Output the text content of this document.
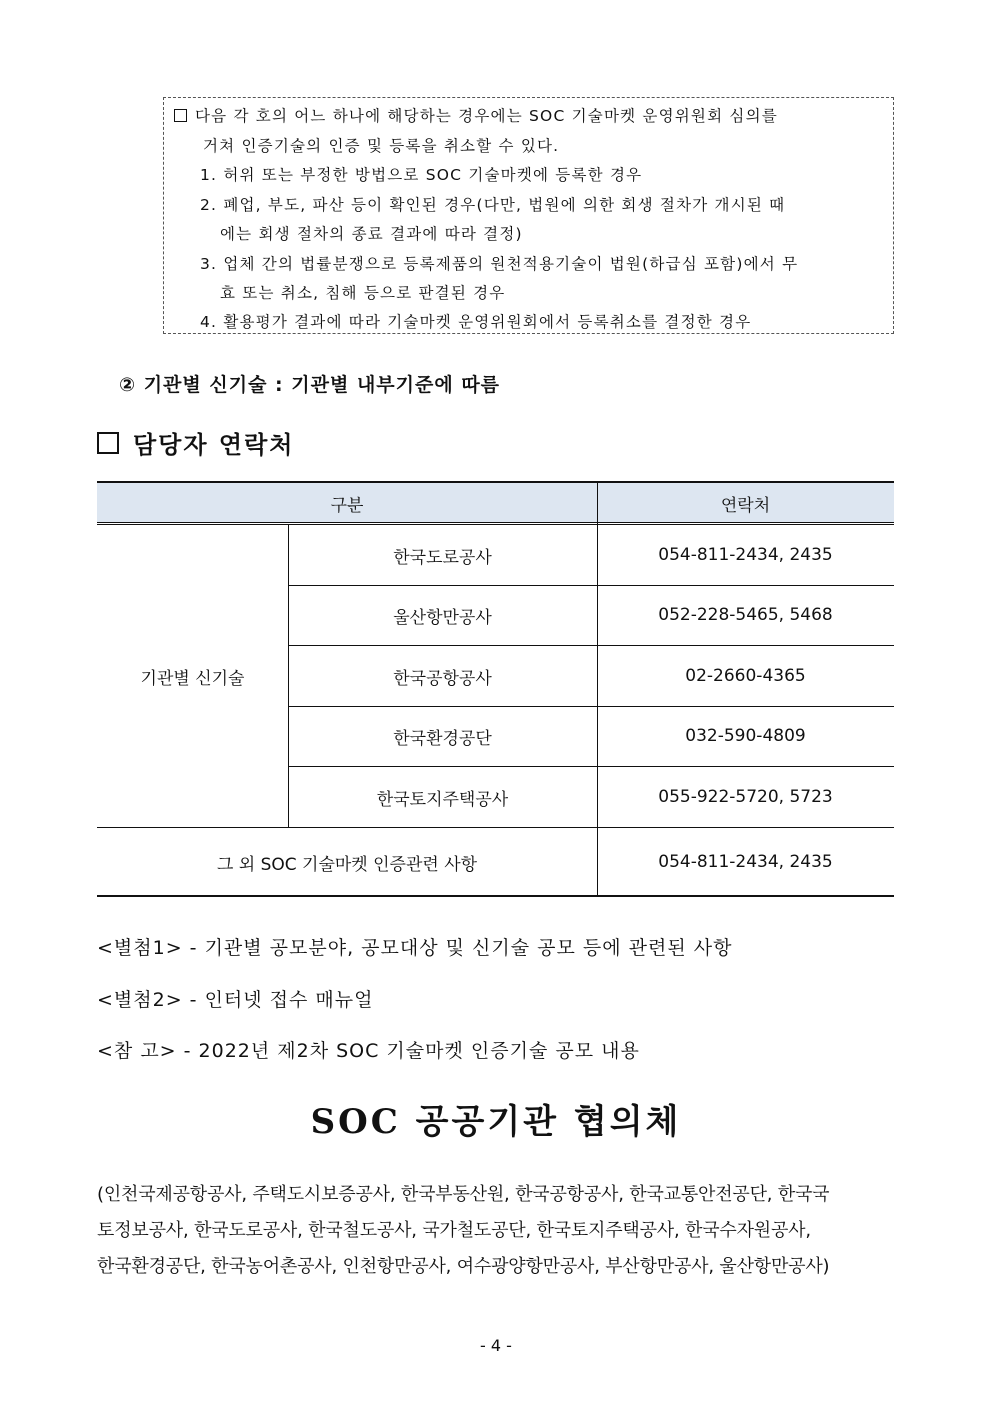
다음 각 호의 어느 하나에 해당하는 경우에는 SOC 기술마켓 운영위원회 심의를
거쳐 인증기술의 인증 및 등록을 취소할 수 있다.
1. 허위 또는 부정한 방법으로 SOC 기술마켓에 등록한 경우
2. 폐업, 부도, 파산 등이 확인된 경우(다만, 법원에 의한 회생 절차가 개시된 때
에는 회생 절차의 종료 결과에 따라 결정)
3. 업체 간의 법률분쟁으로 등록제품의 원천적용기술이 법원(하급심 포함)에서 무
효 또는 취소, 침해 등으로 판결된 경우
4. 활용평가 결과에 따라 기술마켓 운영위원회에서 등록취소를 결정한 경우
② 기관별 신기술 : 기관별 내부기준에 따름
담당자 연락처
구분	연락처
기관별 신기술
한국도로공사	054-811-2434, 2435
울산항만공사	052-228-5465, 5468
한국공항공사	02-2660-4365
한국환경공단	032-590-4809
한국토지주택공사	055-922-5720, 5723
그 외 SOC 기술마켓 인증관련 사항	054-811-2434, 2435
<별첨1> - 기관별 공모분야, 공모대상 및 신기술 공모 등에 관련된 사항
<별첨2> - 인터넷 접수 매뉴얼
<참 고> - 2022년 제2차 SOC 기술마켓 인증기술 공모 내용
SOC 공공기관 협의체
(인천국제공항공사, 주택도시보증공사, 한국부동산원, 한국공항공사, 한국교통안전공단, 한국국
토정보공사, 한국도로공사, 한국철도공사, 국가철도공단, 한국토지주택공사, 한국수자원공사,
한국환경공단, 한국농어촌공사, 인천항만공사, 여수광양항만공사, 부산항만공사, 울산항만공사)
- 4 -
